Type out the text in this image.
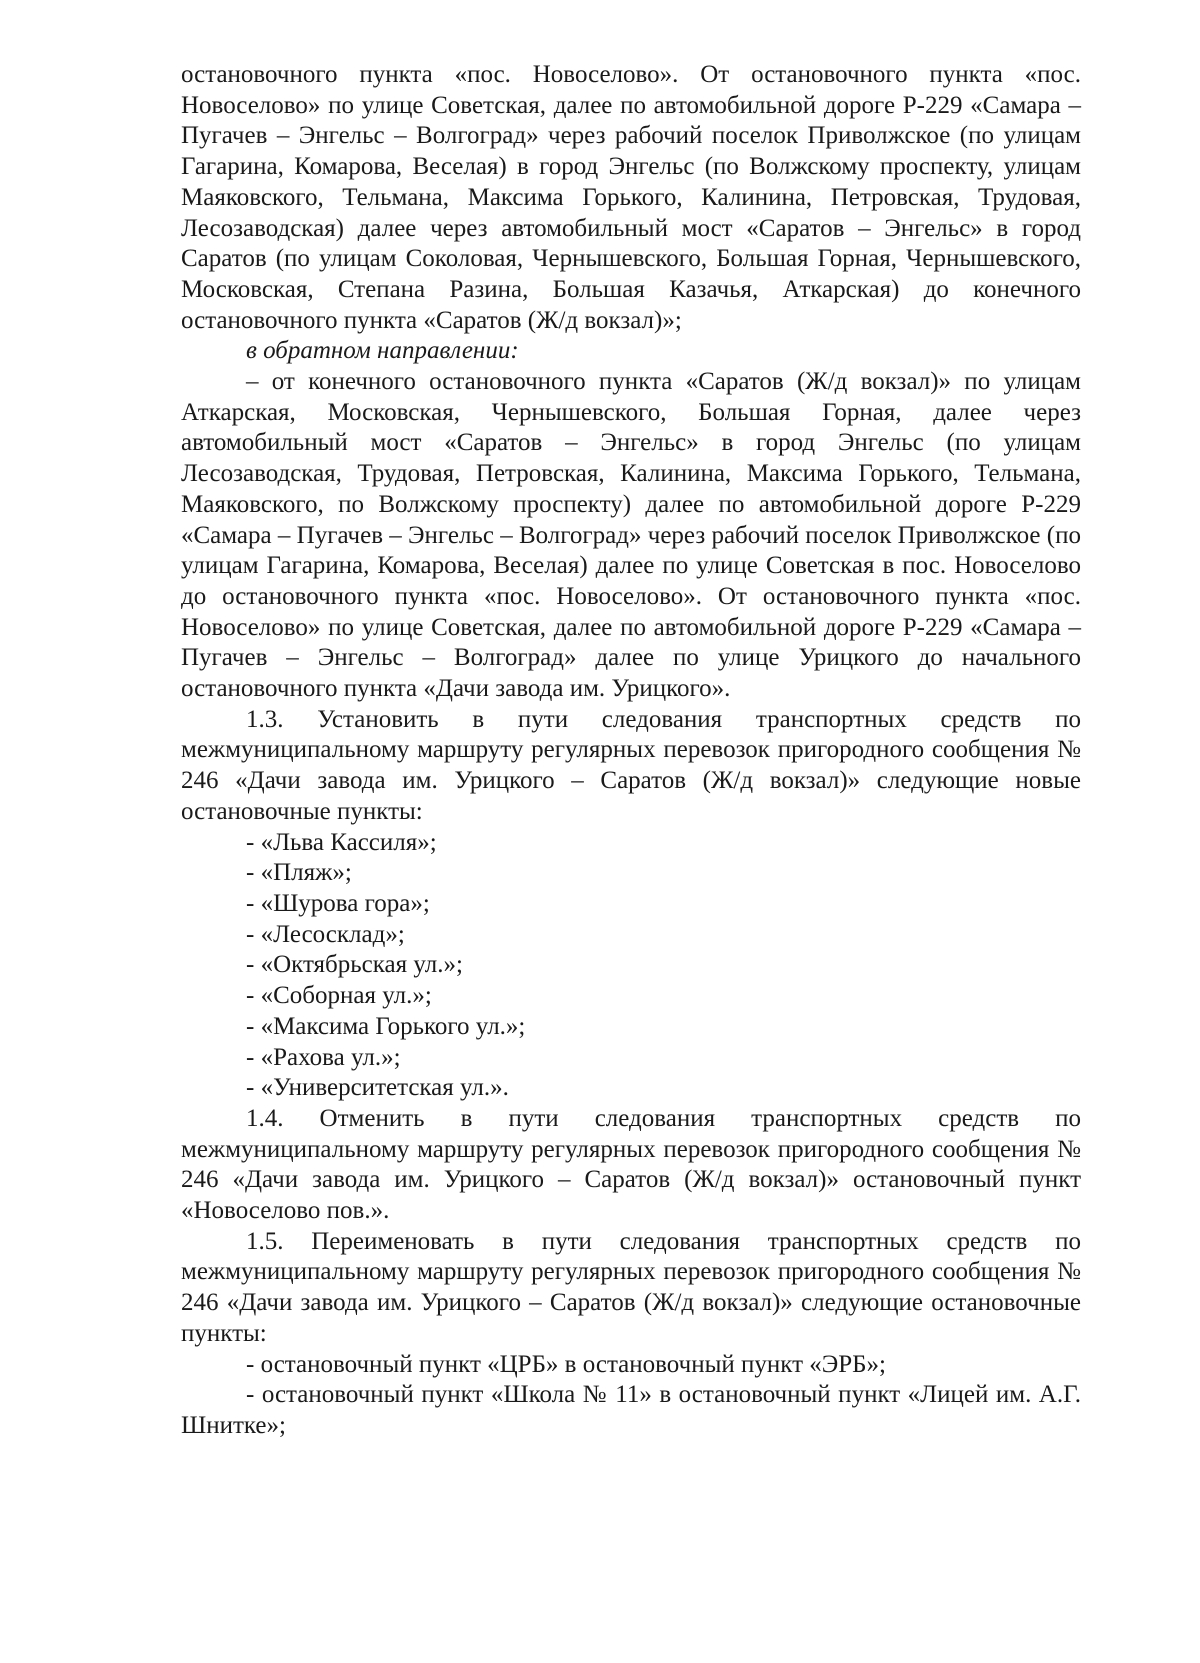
остановочного пункта «пос. Новоселово». От остановочного пункта «пос. Новоселово» по улице Советская, далее по автомобильной дороге Р-229 «Самара – Пугачев – Энгельс – Волгоград» через рабочий поселок Приволжское (по улицам Гагарина, Комарова, Веселая) в город Энгельс (по Волжскому проспекту, улицам Маяковского, Тельмана, Максима Горького, Калинина, Петровская, Трудовая, Лесозаводская) далее через автомобильный мост «Саратов – Энгельс» в город Саратов (по улицам Соколовая, Чернышевского, Большая Горная, Чернышевского, Московская, Степана Разина, Большая Казачья, Аткарская) до конечного остановочного пункта «Саратов (Ж/д вокзал)»;

в обратном направлении:

– от конечного остановочного пункта «Саратов (Ж/д вокзал)» по улицам Аткарская, Московская, Чернышевского, Большая Горная, далее через автомобильный мост «Саратов – Энгельс» в город Энгельс (по улицам Лесозаводская, Трудовая, Петровская, Калинина, Максима Горького, Тельмана, Маяковского, по Волжскому проспекту) далее по автомобильной дороге Р-229 «Самара – Пугачев – Энгельс – Волгоград» через рабочий поселок Приволжское (по улицам Гагарина, Комарова, Веселая) далее по улице Советская в пос. Новоселово до остановочного пункта «пос. Новоселово». От остановочного пункта «пос. Новоселово» по улице Советская, далее по автомобильной дороге Р-229 «Самара – Пугачев – Энгельс – Волгоград» далее по улице Урицкого до начального остановочного пункта «Дачи завода им. Урицкого».

1.3. Установить в пути следования транспортных средств по межмуниципальному маршруту регулярных перевозок пригородного сообщения № 246 «Дачи завода им. Урицкого – Саратов (Ж/д вокзал)» следующие новые остановочные пункты:

- «Льва Кассиля»;

- «Пляж»;

- «Шурова гора»;

- «Лесосклад»;

- «Октябрьская ул.»;

- «Соборная ул.»;

- «Максима Горького ул.»;

- «Рахова ул.»;

- «Университетская ул.».

1.4. Отменить в пути следования транспортных средств по межмуниципальному маршруту регулярных перевозок пригородного сообщения № 246 «Дачи завода им. Урицкого – Саратов (Ж/д вокзал)» остановочный пункт «Новоселово пов.».

1.5. Переименовать в пути следования транспортных средств по межмуниципальному маршруту регулярных перевозок пригородного сообщения № 246 «Дачи завода им. Урицкого – Саратов (Ж/д вокзал)» следующие остановочные пункты:

- остановочный пункт «ЦРБ» в остановочный пункт «ЭРБ»;

- остановочный пункт «Школа № 11» в остановочный пункт «Лицей им. А.Г. Шнитке»;
